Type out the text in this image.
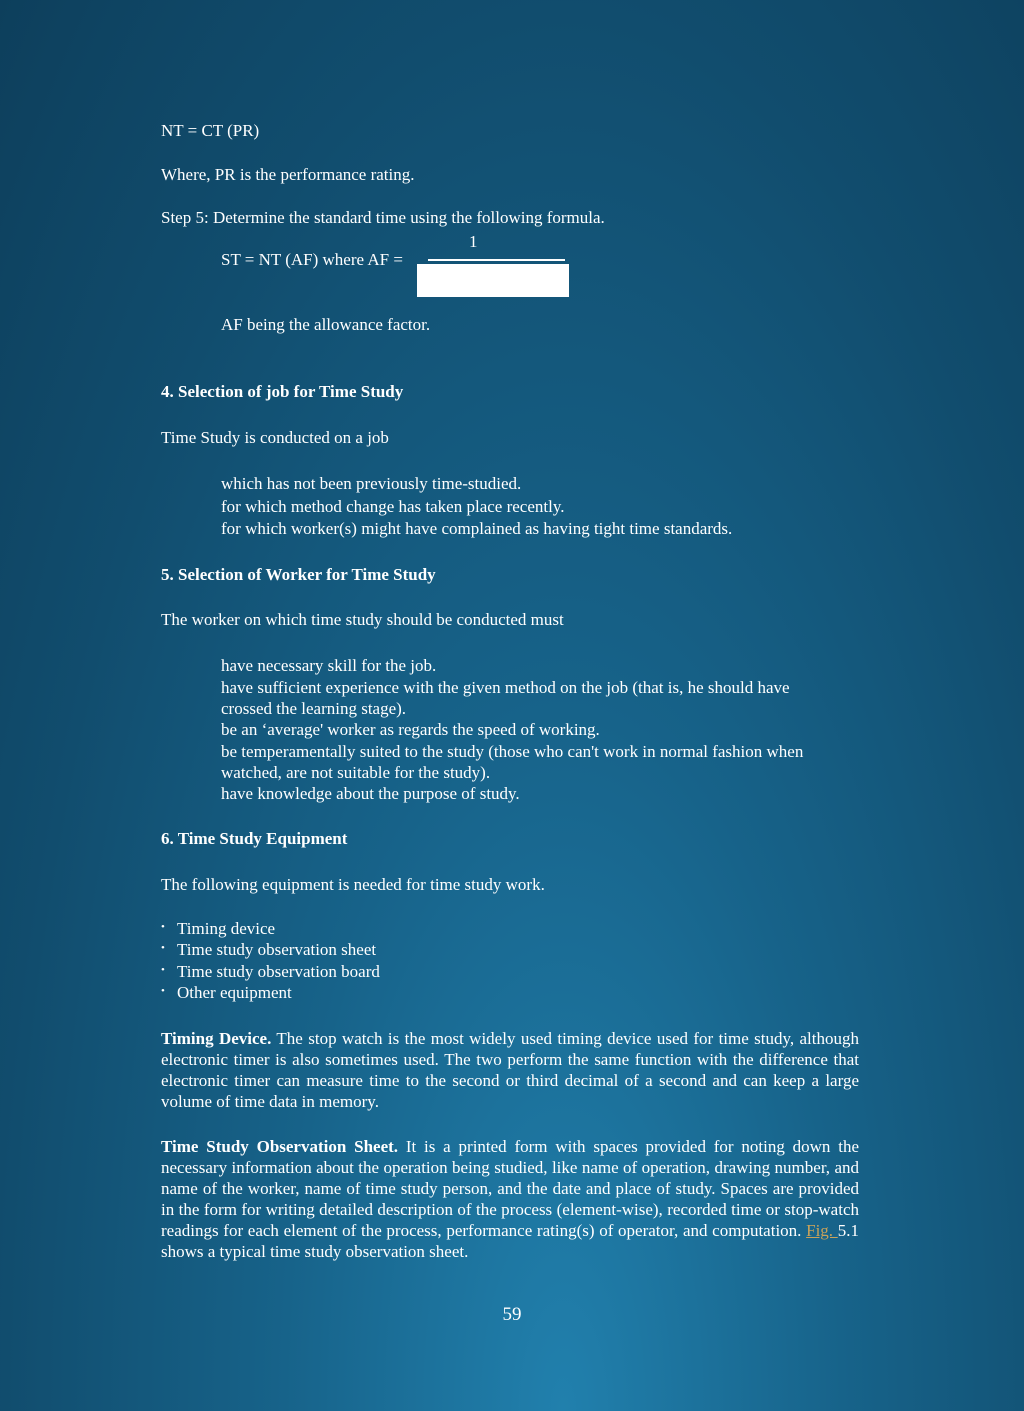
NT = CT (PR)

Where, PR is the performance rating.

Step 5: Determine the standard time using the following formula.

1

ST = NT (AF) where AF =

AF being the allowance factor.

4. Selection of job for Time Study

Time Study is conducted on a job

which has not been previously time-studied.

for which method change has taken place recently.

for which worker(s) might have complained as having tight time standards.

5. Selection of Worker for Time Study

The worker on which time study should be conducted must

have necessary skill for the job.

have sufficient experience with the given method on the job (that is, he should have

crossed the learning stage).

be an ‘average' worker as regards the speed of working.

be temperamentally suited to the study (those who can't work in normal fashion when

watched, are not suitable for the study).

have knowledge about the purpose of study.

6. Time Study Equipment

The following equipment is needed for time study work.

• Timing device

• Time study observation sheet

• Time study observation board

• Other equipment

Timing Device. The stop watch is the most widely used timing device used for time study, although electronic timer is also sometimes used. The two perform the same function with the difference that electronic timer can measure time to the second or third decimal of a second and can keep a large volume of time data in memory.

Time Study Observation Sheet. It is a printed form with spaces provided for noting down the necessary information about the operation being studied, like name of operation, drawing number, and name of the worker, name of time study person, and the date and place of study. Spaces are provided in the form for writing detailed description of the process (element-wise), recorded time or stop-watch readings for each element of the process, performance rating(s) of operator, and computation. Fig. 5.1 shows a typical time study observation sheet.

59
